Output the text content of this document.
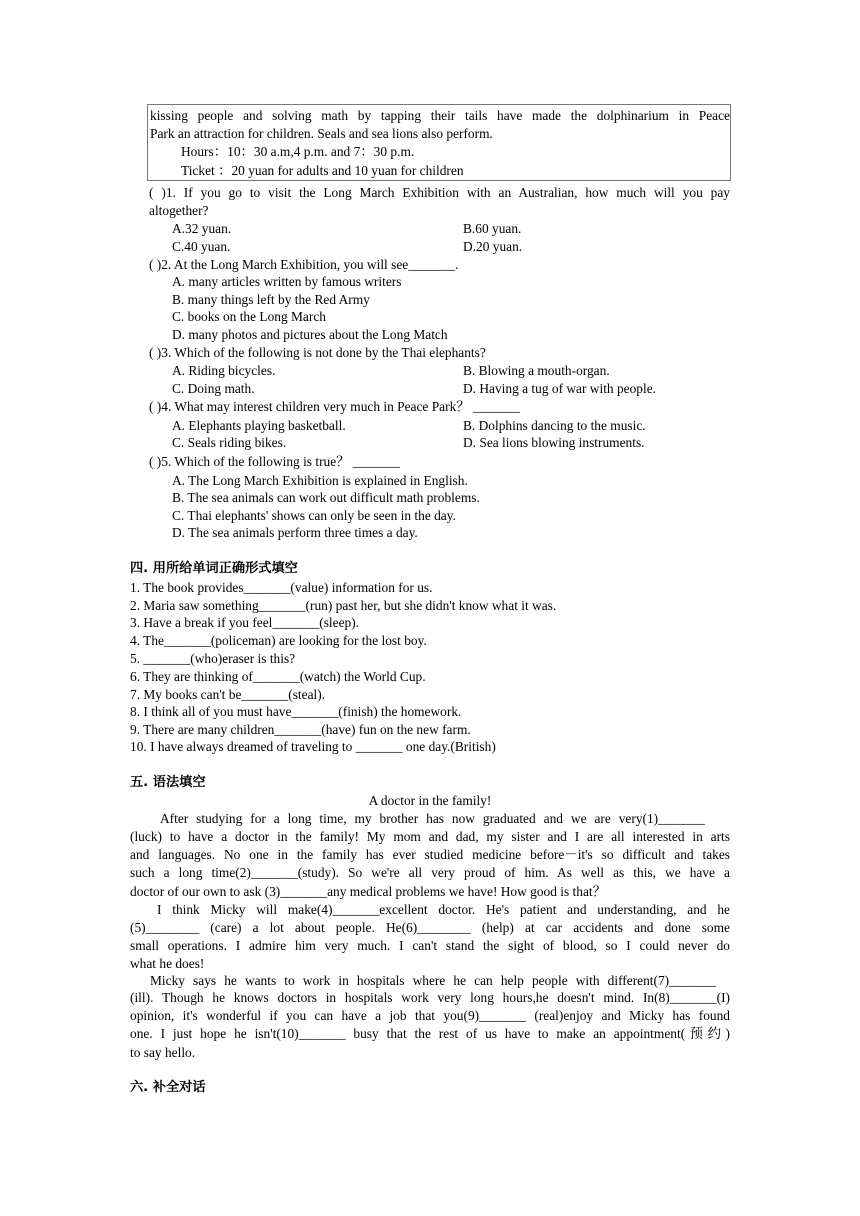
kissing people and solving math by tapping their tails have made the dolphinarium in Peace
Park an attraction for children. Seals and sea lions also perform.
Hours：10：30 a.m,4 p.m. and 7：30 p.m.
Ticket ：20 yuan for adults and 10 yuan for children
( )1. If you go to visit the Long March Exhibition with an Australian, how much will you pay
altogether?
A.32 yuan.	B.60 yuan.
C.40 yuan.	D.20 yuan.
( )2. At the Long March Exhibition, you will see_______.
A. many articles written by famous writers
B. many things left by the Red Army
C. books on the Long March
D. many photos and pictures about the Long Match
( )3. Which of the following is not done by the Thai elephants?
A. Riding bicycles.	B. Blowing a mouth-organ.
C. Doing math.	D. Having a tug of war with people.
( )4. What may interest children very much in Peace Park？ _______
A. Elephants playing basketball.	B. Dolphins dancing to the music.
C. Seals riding bikes.	D. Sea lions blowing instruments.
( )5. Which of the following is true？ _______
A. The Long March Exhibition is explained in English.
B. The sea animals can work out difficult math problems.
C. Thai elephants' shows can only be seen in the day.
D. The sea animals perform three times a day.
四. 用所给单词正确形式填空
1. The book provides_______(value) information for us.
2. Maria saw something_______(run) past her, but she didn't know what it was.
3. Have a break if you feel_______(sleep).
4. The_______(policeman) are looking for the lost boy.
5. _______(who)eraser is this?
6. They are thinking of_______(watch) the World Cup.
7. My books can't be_______(steal).
8. I think all of you must have_______(finish) the homework.
9. There are many children_______(have) fun on the new farm.
10. I have always dreamed of traveling to _______ one day.(British)
五. 语法填空
A doctor in the family!
After studying for a long time, my brother has now graduated and we are very(1)_______
(luck) to have a doctor in the family! My mom and dad, my sister and I are all interested in arts
and languages. No one in the family has ever studied medicine before－it's so difficult and takes
such a long time(2)_______(study). So we're all very proud of him. As well as this, we have a
doctor of our own to ask (3)_______any medical problems we have! How good is that？
I think Micky will make(4)_______excellent doctor. He's patient and understanding, and he
(5)________ (care) a lot about people. He(6)________ (help) at car accidents and done some
small operations. I admire him very much. I can't stand the sight of blood, so I could never do
what he does!
Micky says he wants to work in hospitals where he can help people with different(7)_______
(ill). Though he knows doctors in hospitals work very long hours,he doesn't mind. In(8)_______(I)
opinion, it's wonderful if you can have a job that you(9)_______ (real)enjoy and Micky has found
one. I just hope he isn't(10)_______ busy that the rest of us have to make an appointment(预约)
to say hello.
六. 补全对话
